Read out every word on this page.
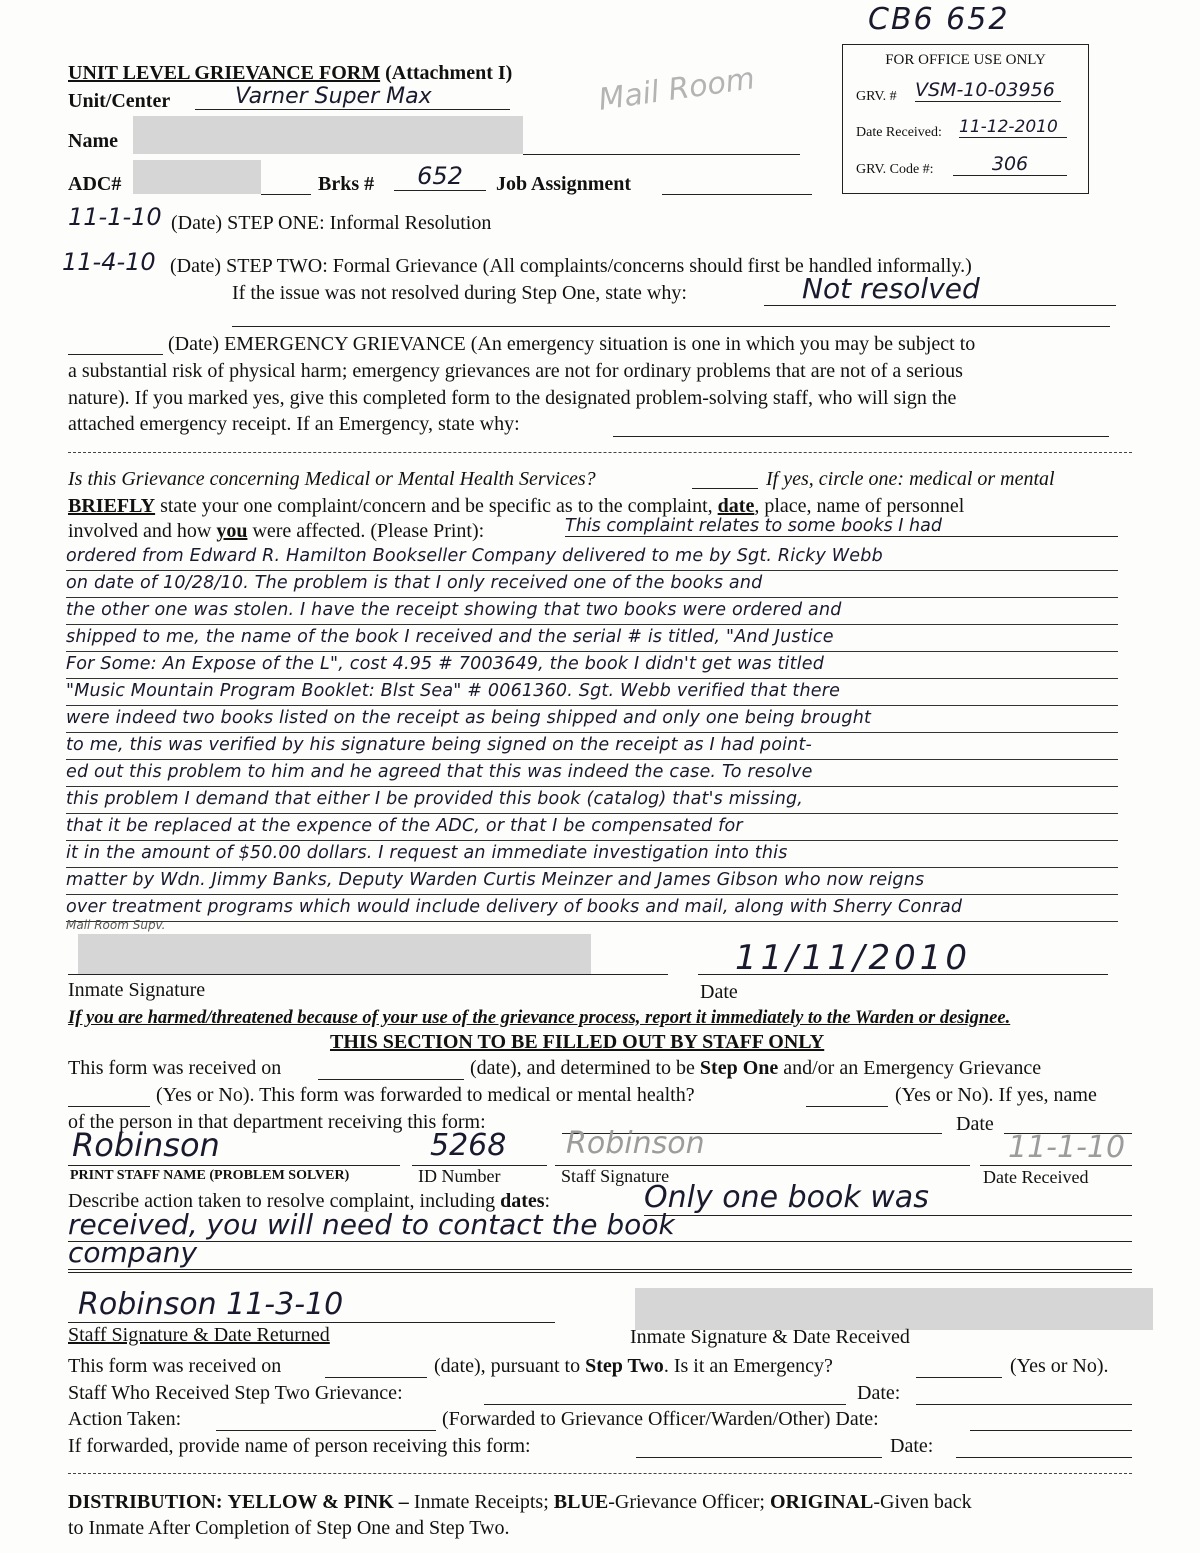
CB6 652
UNIT LEVEL GRIEVANCE FORM (Attachment I)	Mail Room
FOR OFFICE USE ONLY
GRV. # VSM-10-03956
Date Received: 11-12-2010
GRV. Code #:	306
Unit/Center	Varner Super Max
Name
ADC#	Brks #	652	Job Assignment
11-1-10 (Date) STEP ONE: Informal Resolution
11-4-10 (Date) STEP TWO: Formal Grievance (All complaints/concerns should first be handled informally.)
If the issue was not resolved during Step One, state why:	Not resolved
(Date) EMERGENCY GRIEVANCE (An emergency situation is one in which you may be subject to
a substantial risk of physical harm; emergency grievances are not for ordinary problems that are not of a serious
nature). If you marked yes, give this completed form to the designated problem-solving staff, who will sign the
attached emergency receipt. If an Emergency, state why:
Is this Grievance concerning Medical or Mental Health Services?	If yes, circle one: medical or mental
BRIEFLY state your one complaint/concern and be specific as to the complaint, date, place, name of personnel
involved and how you were affected. (Please Print):	This complaint relates to some books I had
ordered from Edward R. Hamilton Bookseller Company delivered to me by Sgt. Ricky Webb
on date of 10/28/10. The problem is that I only received one of the books and
the other one was stolen. I have the receipt showing that two books were ordered and
shipped to me, the name of the book I received and the serial # is titled, "And Justice
For Some: An Expose of the L", cost 4.95 # 7003649, the book I didn't get was titled
"Music Mountain Program Booklet: Blst Sea" # 0061360. Sgt. Webb verified that there
were indeed two books listed on the receipt as being shipped and only one being brought
to me, this was verified by his signature being signed on the receipt as I had point-
ed out this problem to him and he agreed that this was indeed the case. To resolve
this problem I demand that either I be provided this book (catalog) that's missing,
that it be replaced at the expence of the ADC, or that I be compensated for
it in the amount of $50.00 dollars. I request an immediate investigation into this
matter by Wdn. Jimmy Banks, Deputy Warden Curtis Meinzer and James Gibson who now reigns
over treatment programs which would include delivery of books and mail, along with Sherry Conrad
Mail Room Supv.
11/11/2010
Inmate Signature	Date
If you are harmed/threatened because of your use of the grievance process, report it immediately to the Warden or designee.
THIS SECTION TO BE FILLED OUT BY STAFF ONLY
This form was received on	(date), and determined to be Step One and/or an Emergency Grievance
(Yes or No). This form was forwarded to medical or mental health?	(Yes or No). If yes, name
of the person in that department receiving this form:	Date
Robinson	5268 Robinson	11-1-10
PRINT STAFF NAME (PROBLEM SOLVER)	ID Number	Staff Signature	Date Received
Describe action taken to resolve complaint, including dates:	Only one book was
received, you will need to contact the book
company
Robinson 11-3-10
Staff Signature & Date Returned	Inmate Signature & Date Received
This form was received on	(date), pursuant to Step Two. Is it an Emergency?	(Yes or No).
Staff Who Received Step Two Grievance:	Date:
Action Taken:	(Forwarded to Grievance Officer/Warden/Other) Date:
If forwarded, provide name of person receiving this form:	Date:
DISTRIBUTION: YELLOW & PINK – Inmate Receipts; BLUE-Grievance Officer; ORIGINAL-Given back
to Inmate After Completion of Step One and Step Two.
